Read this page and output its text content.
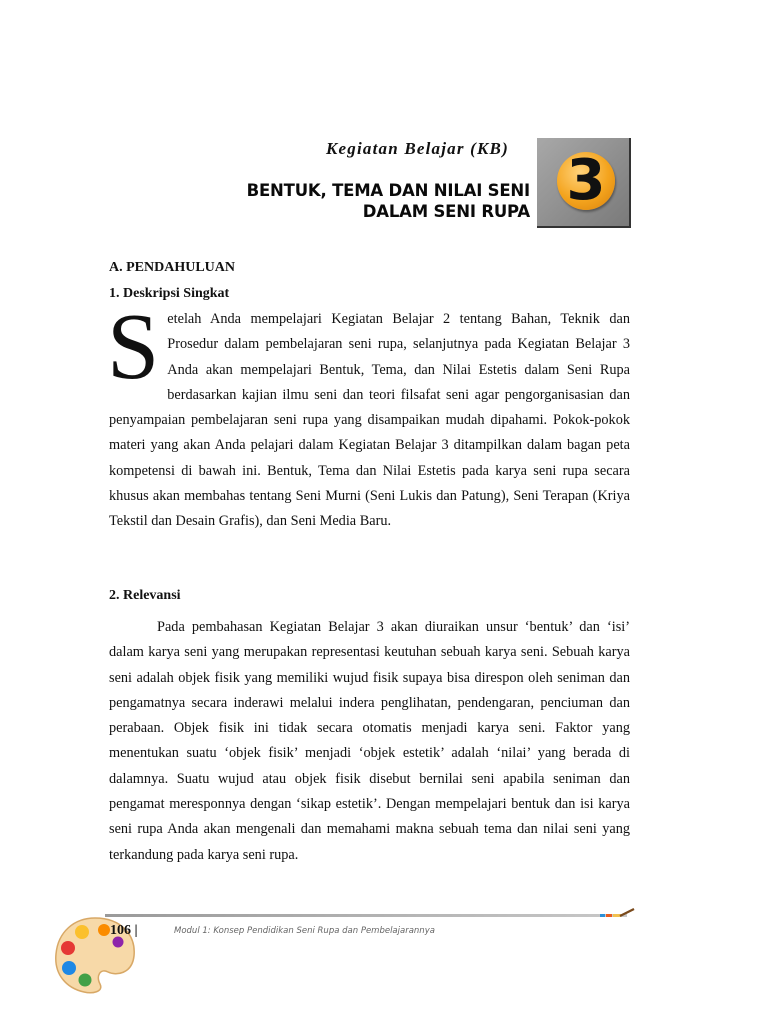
Kegiatan Belajar (KB)
BENTUK, TEMA DAN NILAI SENI
DALAM SENI RUPA 3
A. PENDAHULUAN
1. Deskripsi Singkat

Setelah Anda mempelajari Kegiatan Belajar 2 tentang Bahan, Teknik dan Prosedur dalam pembelajaran seni rupa, selanjutnya pada Kegiatan Belajar 3 Anda akan mempelajari Bentuk, Tema, dan Nilai Estetis dalam Seni Rupa berdasarkan kajian ilmu seni dan teori filsafat seni agar pengorganisasian dan penyampaian pembelajaran seni rupa yang disampaikan mudah dipahami. Pokok-pokok materi yang akan Anda pelajari dalam Kegiatan Belajar 3 ditampilkan dalam bagan peta kompetensi di bawah ini. Bentuk, Tema dan Nilai Estetis pada karya seni rupa secara khusus akan membahas tentang Seni Murni (Seni Lukis dan Patung), Seni Terapan (Kriya Tekstil dan Desain Grafis), dan Seni Media Baru.

2. Relevansi

Pada pembahasan Kegiatan Belajar 3 akan diuraikan unsur ‘bentuk’ dan ‘isi’ dalam karya seni yang merupakan representasi keutuhan sebuah karya seni. Sebuah karya seni adalah objek fisik yang memiliki wujud fisik supaya bisa direspon oleh seniman dan pengamatnya secara inderawi melalui indera penglihatan, pendengaran, penciuman dan perabaan. Objek fisik ini tidak secara otomatis menjadi karya seni. Faktor yang menentukan suatu ‘objek fisik’ menjadi ‘objek estetik’ adalah ‘nilai’ yang berada di dalamnya. Suatu wujud atau objek fisik disebut bernilai seni apabila seniman dan pengamat meresponnya dengan ‘sikap estetik’. Dengan mempelajari bentuk dan isi karya seni rupa Anda akan mengenali dan memahami makna sebuah tema dan nilai seni yang terkandung pada karya seni rupa.

106 |	Modul 1: Konsep Pendidikan Seni Rupa dan Pembelajarannya
